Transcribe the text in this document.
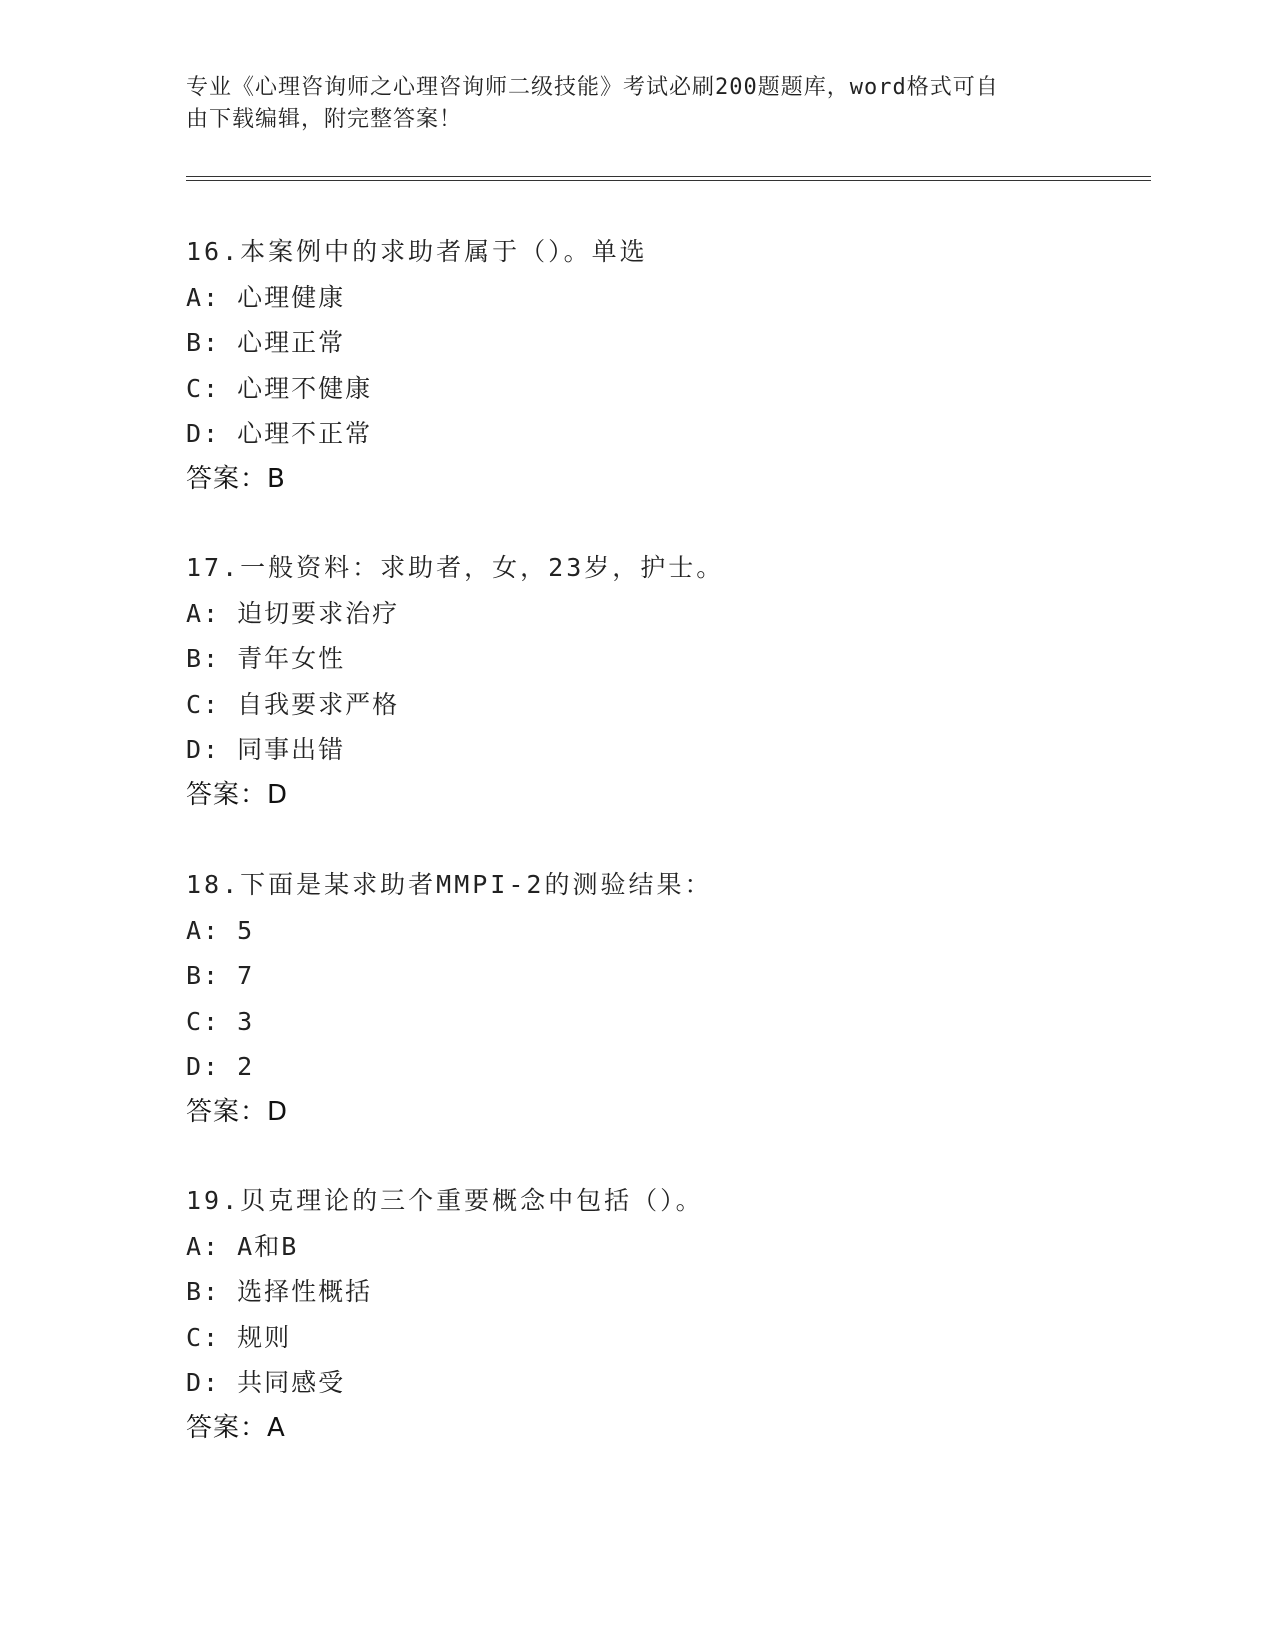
专业《心理咨询师之心理咨询师二级技能》考试必刷200题题库，word格式可自
由下载编辑，附完整答案！
16.本案例中的求助者属于（）。单选
A: 心理健康
B: 心理正常
C: 心理不健康
D: 心理不正常
答案：B
17.一般资料：求助者，女，23岁，护士。
A: 迫切要求治疗
B: 青年女性
C: 自我要求严格
D: 同事出错
答案：D
18.下面是某求助者MMPI-2的测验结果：
A: 5
B: 7
C: 3
D: 2
答案：D
19.贝克理论的三个重要概念中包括（）。
A: A和B
B: 选择性概括
C: 规则
D: 共同感受
答案：A
